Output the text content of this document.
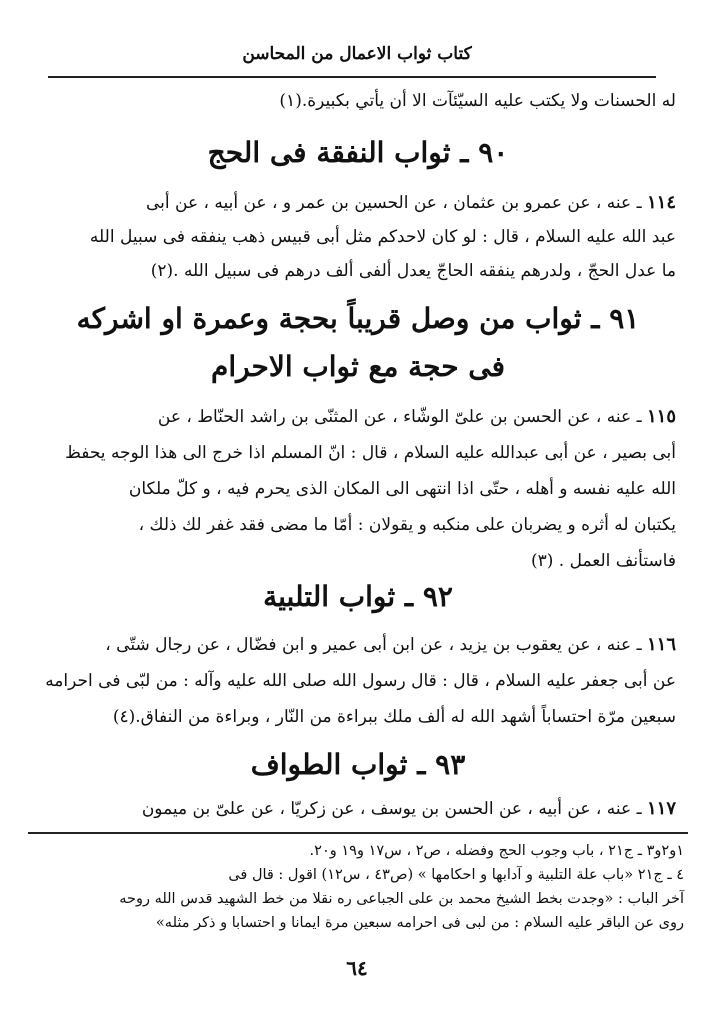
كتاب ثواب الاعمال من المحاسن
له الحسنات ولا يكتب عليه السيّئآت الا أن يأتي بكبيرة.(١)
٩٠ ـ ثواب النفقة فى الحج
١١٤ ـ عنه ، عن عمرو بن عثمان ، عن الحسين بن عمر و ، عن أبيه ، عن أبى
عبد الله عليه السلام ، قال : لو كان لاحدكم مثل أبى قبيس ذهب ينفقه فى سبيل الله
ما عدل الحجّ ، ولدرهم ينفقه الحاجّ يعدل ألفى ألف درهم فى سبيل الله .(٢)
٩١ ـ ثواب من وصل قريباً بحجة وعمرة او اشركه
فى حجة مع ثواب الاحرام
١١٥ ـ عنه ، عن الحسن بن علىّ الوشّاء ، عن المثنّى بن راشد الحنّاط ، عن
أبى بصير ، عن أبى عبدالله عليه السلام ، قال : انّ المسلم اذا خرج الى هذا الوجه يحفظ
الله عليه نفسه و أهله ، حتّى اذا انتهى الى المكان الذى يحرم فيه ، و كلّ ملكان
يكتبان له أثره و يضربان على منكبه و يقولان : أمّا ما مضى فقد غفر لك ذلك ،
فاستأنف العمل . (٣)
٩٢ ـ ثواب التلبية
١١٦ ـ عنه ، عن يعقوب بن يزيد ، عن ابن أبى عمير و ابن فضّال ، عن رجال شتّى ،
عن أبى جعفر عليه السلام ، قال : قال رسول الله صلى الله عليه وآله : من لبّى فى احرامه
سبعين مرّة احتساباً أشهد الله له ألف ملك ببراءة من النّار ، وبراءة من النفاق.(٤)
٩٣ ـ ثواب الطواف
١١٧ ـ عنه ، عن أبيه ، عن الحسن بن يوسف ، عن زكريّا ، عن علىّ بن ميمون
١و٢و٣ ـ ج٢١ ، باب وجوب الحج وفضله ، ص٢ ، س١٧ و١٩ و٢٠.
٤ ـ ج٢١ «باب علة التلبية و آدابها و احكامها » (ص٤٣ ، س١٢) اقول : قال فى
آخر الباب : «وجدت بخط الشيخ محمد بن على الجباعى ره نقلا من خط الشهيد قدس الله روحه
روى عن الباقر عليه السلام : من لبى فى احرامه سبعين مرة ايمانا و احتسابا و ذكر مثله»
٦٤
